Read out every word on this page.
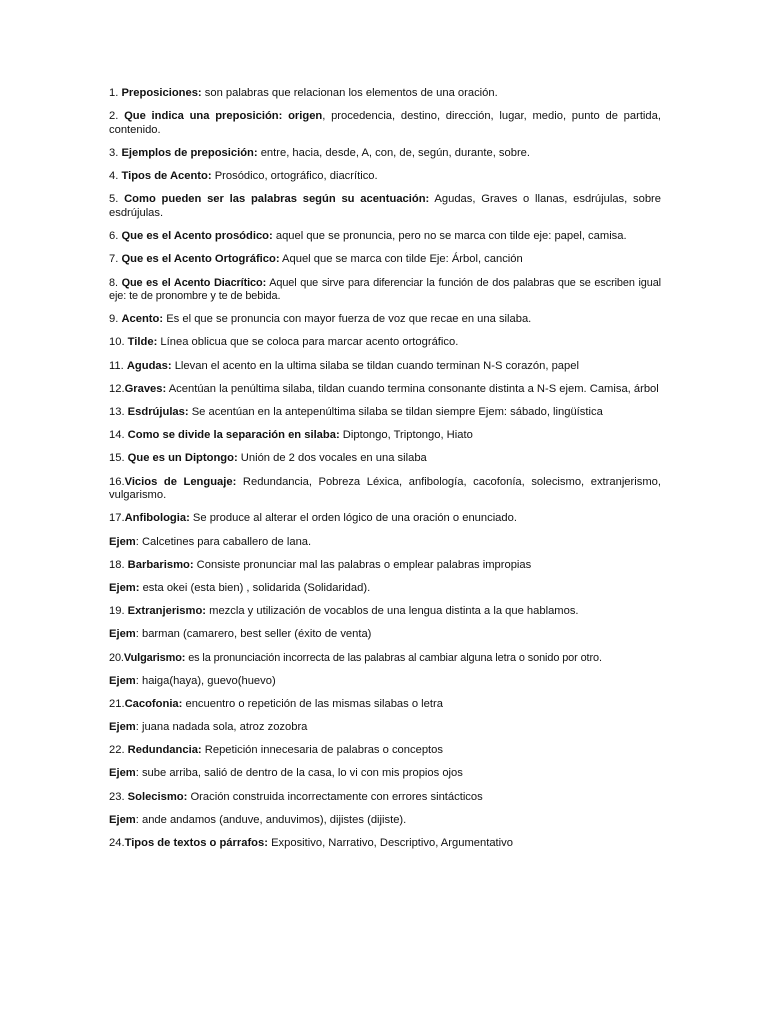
1. Preposiciones: son palabras que relacionan los elementos de una oración.

2. Que indica una preposición: origen, procedencia, destino, dirección, lugar, medio, punto de partida, contenido.

3. Ejemplos de preposición: entre, hacia, desde, A, con, de, según, durante, sobre.

4. Tipos de Acento: Prosódico, ortográfico, diacrítico.

5. Como pueden ser las palabras según su acentuación: Agudas, Graves o llanas, esdrújulas, sobre esdrújulas.

6. Que es el Acento prosódico: aquel que se pronuncia, pero no se marca con tilde eje: papel, camisa.

7. Que es el Acento Ortográfico: Aquel que se marca con tilde Eje: Árbol, canción

8. Que es el Acento Diacrítico: Aquel que sirve para diferenciar la función de dos palabras que se escriben igual eje: te de pronombre y te de bebida.

9. Acento: Es el que se pronuncia con mayor fuerza de voz que recae en una silaba.

10. Tilde: Línea oblicua que se coloca para marcar acento ortográfico.

11. Agudas: Llevan el acento en la ultima silaba se tildan cuando terminan N-S corazón, papel

12.Graves: Acentúan la penúltima silaba, tildan cuando termina consonante distinta a N-S ejem. Camisa, árbol

13. Esdrújulas: Se acentúan en la antepenúltima silaba se tildan siempre Ejem: sábado, lingüística

14. Como se divide la separación en silaba: Diptongo, Triptongo, Hiato

15. Que es un Diptongo: Unión de 2 dos vocales en una silaba

16.Vicios de Lenguaje: Redundancia, Pobreza Léxica, anfibología, cacofonía, solecismo, extranjerismo, vulgarismo.

17.Anfibologia: Se produce al alterar el orden lógico de una oración o enunciado.

Ejem: Calcetines para caballero de lana.

18. Barbarismo: Consiste pronunciar mal las palabras o emplear palabras impropias

Ejem: esta okei (esta bien) , solidarida (Solidaridad).

19. Extranjerismo: mezcla y utilización de vocablos de una lengua distinta a la que hablamos.

Ejem: barman (camarero, best seller (éxito de venta)

20.Vulgarismo: es la pronunciación incorrecta de las palabras al cambiar alguna letra o sonido por otro.

Ejem: haiga(haya), guevo(huevo)

21.Cacofonia: encuentro o repetición de las mismas silabas o letra

Ejem: juana nadada sola, atroz zozobra

22. Redundancia: Repetición innecesaria de palabras o conceptos

Ejem: sube arriba, salió de dentro de la casa, lo vi con mis propios ojos

23. Solecismo: Oración construida incorrectamente con errores sintácticos

Ejem: ande andamos (anduve, anduvimos), dijistes (dijiste).

24.Tipos de textos o párrafos: Expositivo, Narrativo, Descriptivo, Argumentativo
